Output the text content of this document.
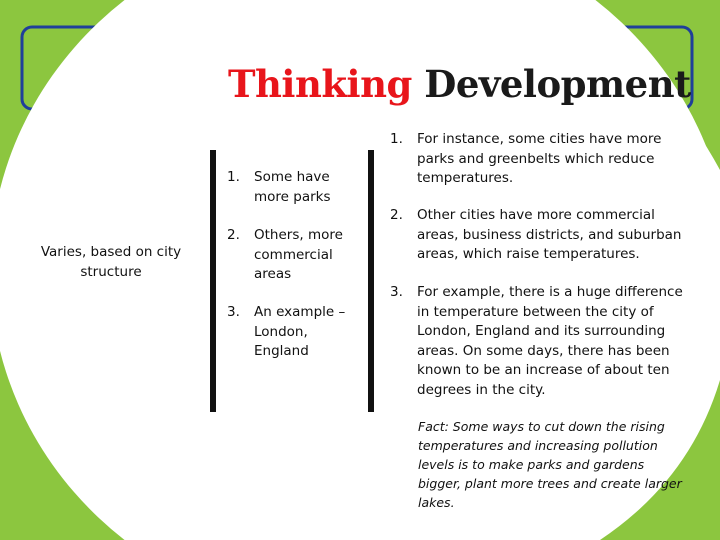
Thinking Development
Varies, based on city structure
1. Some have more parks
2. Others, more commercial areas
3. An example – London, England
1. For instance, some cities have more parks and greenbelts which reduce temperatures.
2. Other cities have more commercial areas, business districts, and suburban areas, which raise temperatures.
3. For example, there is a huge difference in temperature between the city of London, England and its surrounding areas. On some days, there has been known to be an increase of about ten degrees in the city.
Fact: Some ways to cut down the rising temperatures and increasing pollution levels is to make parks and gardens bigger, plant more trees and create larger lakes.
